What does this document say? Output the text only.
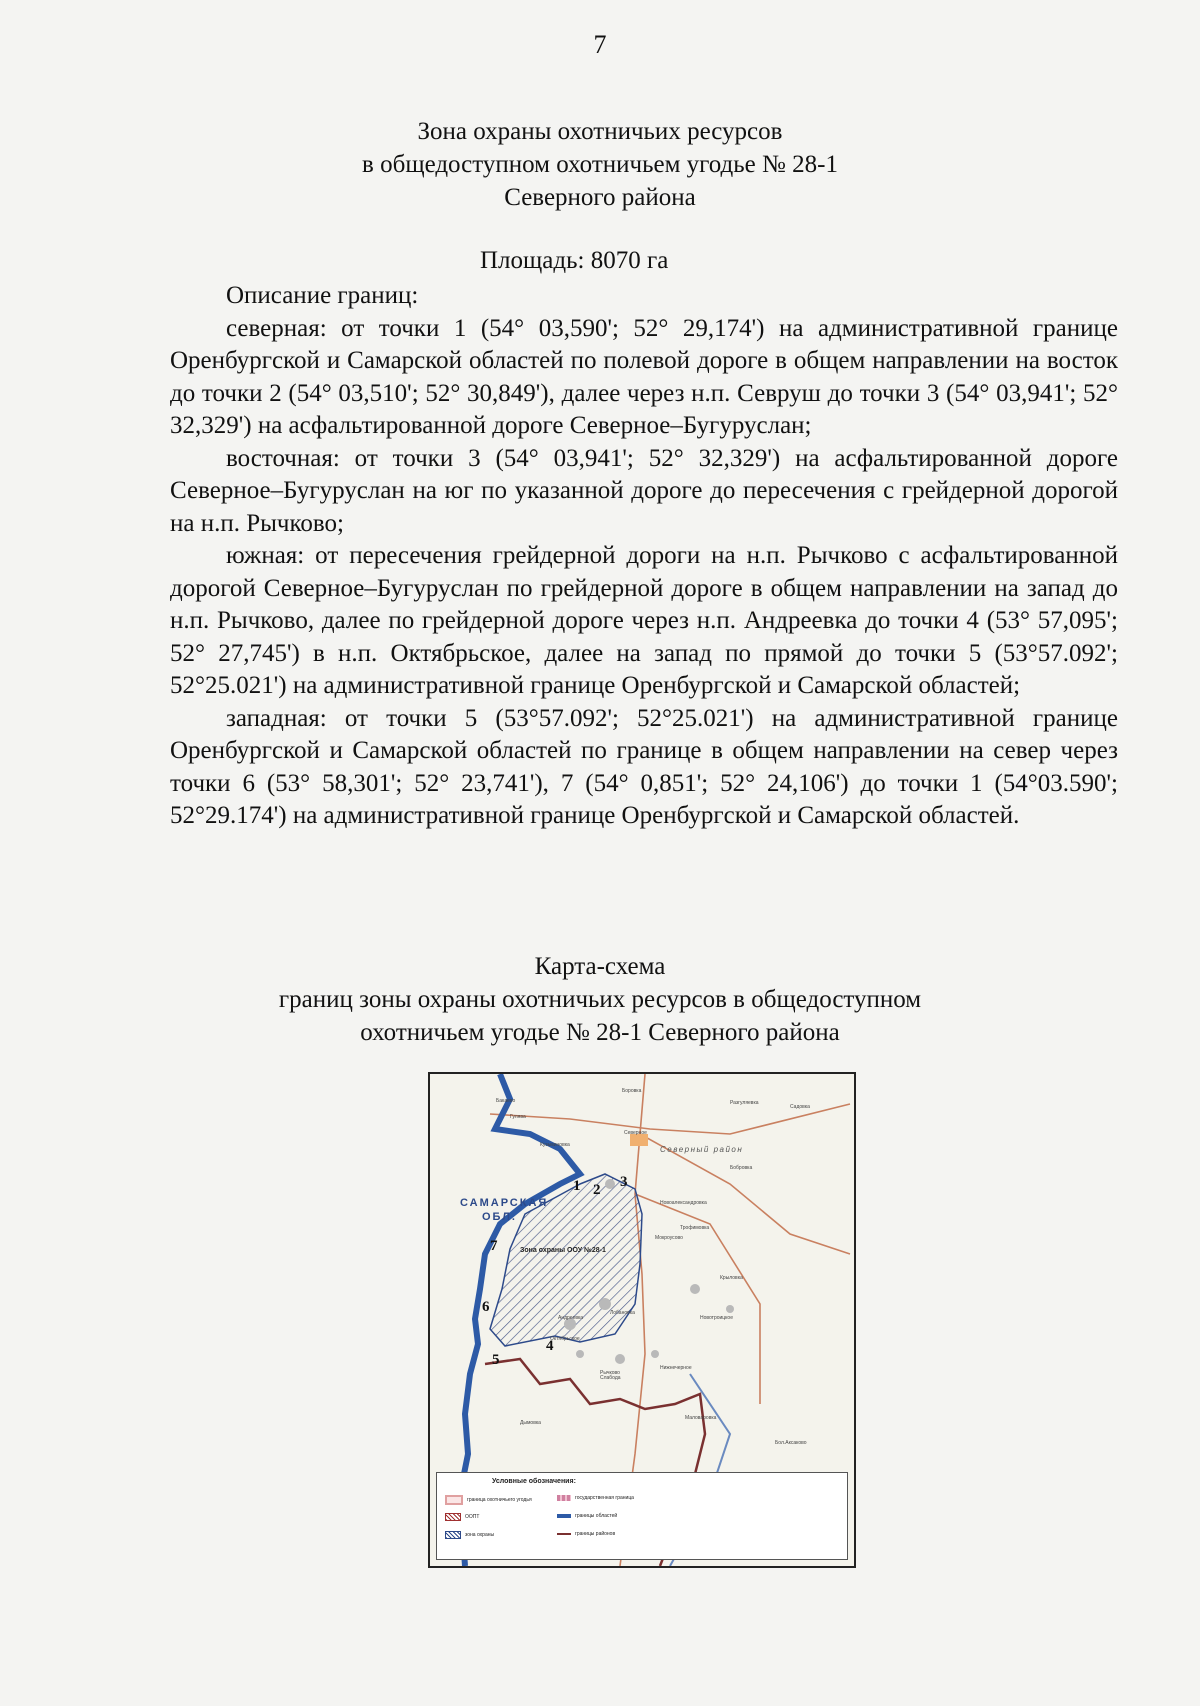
7
Зона охраны охотничьих ресурсов
в общедоступном охотничьем угодье № 28-1
Северного района
Площадь: 8070 га

Описание границ:

северная: от точки 1 (54° 03,590'; 52° 29,174') на административной границе Оренбургской и Самарской областей по полевой дороге в общем направлении на восток до точки 2 (54° 03,510'; 52° 30,849'), далее через н.п. Севруш до точки 3 (54° 03,941'; 52° 32,329') на асфальтированной дороге Северное–Бугуруслан;

восточная: от точки 3 (54° 03,941'; 52° 32,329') на асфальтированной дороге Северное–Бугуруслан на юг по указанной дороге до пересечения с грейдерной дорогой на н.п. Рычково;

южная: от пересечения грейдерной дороги на н.п. Рычково с асфальтированной дорогой Северное–Бугуруслан по грейдерной дороге в общем направлении на запад до н.п. Рычково, далее по грейдерной дороге через н.п. Андреевка до точки 4 (53° 57,095'; 52° 27,745') в н.п. Октябрьское, далее на запад по прямой до точки 5 (53°57.092'; 52°25.021') на административной границе Оренбургской и Самарской областей;

западная: от точки 5 (53°57.092'; 52°25.021') на административной границе Оренбургской и Самарской областей по границе в общем направлении на север через точки 6 (53° 58,301'; 52° 23,741'), 7 (54° 0,851'; 52° 24,106') до точки 1 (54°03.590'; 52°29.174') на административной границе Оренбургской и Самарской областей.

Карта-схема
границ зоны охраны охотничьих ресурсов в общедоступном
охотничьем угодье № 28-1 Северного района
САМАРСКАЯ
ОБЛ.
Северный район
Зона охраны ООУ №28-1
1 2 3
4
5
6
7
Бакаево
Боровка
Разгуляевка
Садовка
Гулява
Северное
Кузьминовка
Бобровка
Новоалександровка
Мокроусово
Трофимовка
Крыловка
Андреевка
Октябрьское
Новотроицкое
Рычково
Нижнечерное
Дымовка
Маловаровка
Бол.Аксаково
Слабода
Лобановка
Условные обозначения:
граница охотничьего угодья
ООПТ
зона охраны
государственная граница
границы областей
границы районов
